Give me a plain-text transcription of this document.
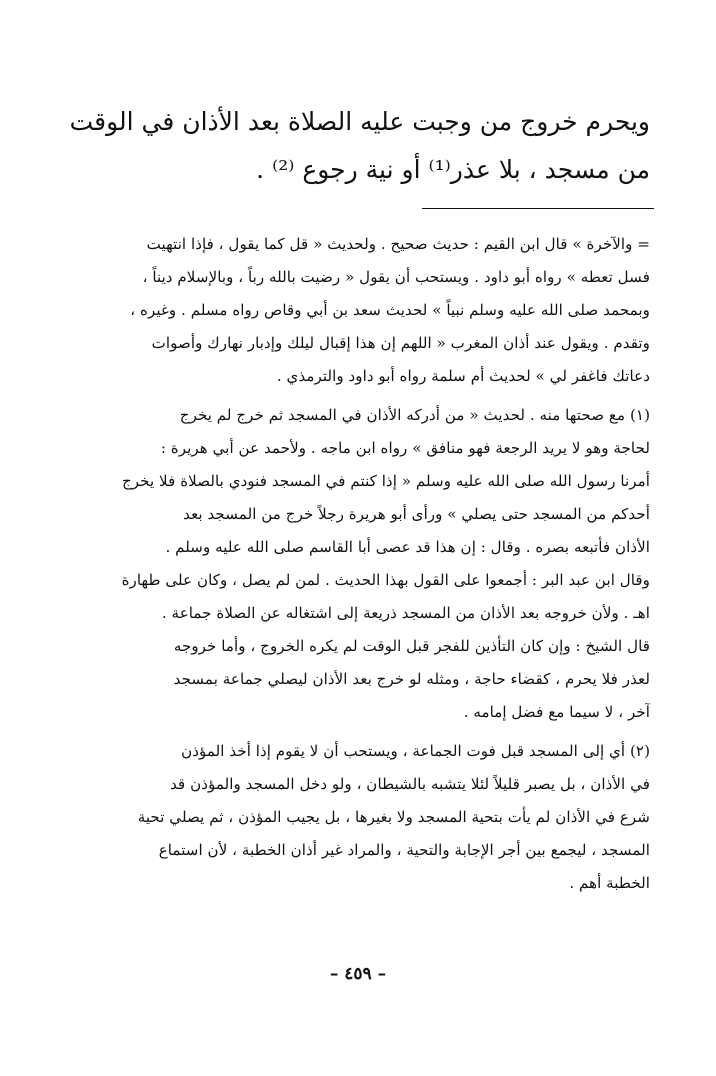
ويحرم خروج من وجبت عليه الصلاة بعد الأذان في الوقت
من مسجد ، بلا عذر⁽¹⁾ أو نية رجوع ⁽²⁾ .
= والآخرة » قال ابن القيم : حديث صحيح . ولحديث « قل كما يقول ، فإذا انتهيت
فسل تعطه » رواه أبو داود . ويستحب أن يقول « رضيت بالله رباً ، وبالإسلام ديناً ،
وبمحمد صلى الله عليه وسلم نبياً » لحديث سعد بن أبي وقاص رواه مسلم . وغيره ،
وتقدم . ويقول عند أذان المغرب « اللهم إن هذا إقبال ليلك وإدبار نهارك وأصوات
دعاتك فاغفر لي » لحديث أم سلمة رواه أبو داود والترمذي .
(١) مع صحتها منه . لحديث « من أدركه الأذان في المسجد ثم خرج لم يخرج
لحاجة وهو لا يريد الرجعة فهو منافق » رواه ابن ماجه . ولأحمد عن أبي هريرة :
أمرنا رسول الله صلى الله عليه وسلم « إذا كنتم في المسجد فنودي بالصلاة فلا يخرج
أحدكم من المسجد حتى يصلي » ورأى أبو هريرة رجلاً خرج من المسجد بعد
الأذان فأتبعه بصره . وقال : إن هذا قد عصى أبا القاسم صلى الله عليه وسلم .
وقال ابن عبد البر : أجمعوا على القول بهذا الحديث . لمن لم يصل ، وكان على طهارة
اهـ . ولأن خروجه بعد الأذان من المسجد ذريعة إلى اشتغاله عن الصلاة جماعة .
قال الشيخ : وإن كان التأذين للفجر قبل الوقت لم يكره الخروج ، وأما خروجه
لعذر فلا يحرم ، كقضاء حاجة ، ومثله لو خرج بعد الأذان ليصلي جماعة بمسجد
آخر ، لا سيما مع فضل إمامه .
(٢) أي إلى المسجد قبل فوت الجماعة ، ويستحب أن لا يقوم إذا أخذ المؤذن
في الأذان ، بل يصبر قليلاً لئلا يتشبه بالشيطان ، ولو دخل المسجد والمؤذن قد
شرع في الأذان لم يأت بتحية المسجد ولا بغيرها ، بل يجيب المؤذن ، ثم يصلي تحية
المسجد ، ليجمع بين أجر الإجابة والتحية ، والمراد غير أذان الخطبة ، لأن استماع
الخطبة أهم .
– ٤٥٩ –
